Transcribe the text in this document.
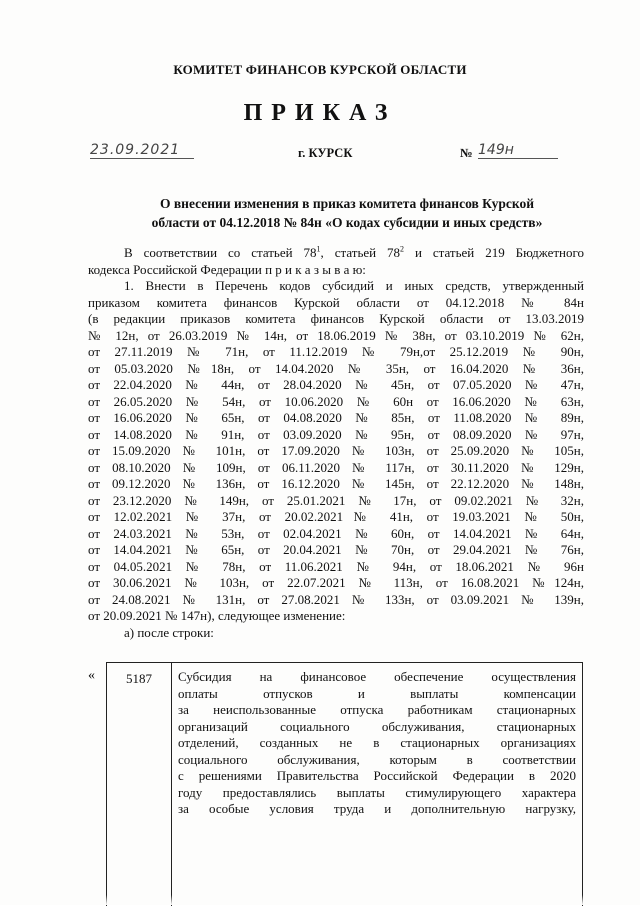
КОМИТЕТ ФИНАНСОВ КУРСКОЙ ОБЛАСТИ
ПРИКАЗ
23.09.2021	г. КУРСК	№ 149н
О внесении изменения в приказ комитета финансов Курской
области от 04.12.2018 № 84н «О кодах субсидии и иных средств»

В соответствии со статьей $78^1$, статьей $78^2$ и статьей 219 Бюджетного

кодекса Российской Федерации п р и к а з ы в а ю:

1. Внести в Перечень кодов субсидий и иных средств, утвержденный

приказом комитета финансов Курской области от 04.12.2018 № 84н

(в редакции приказов комитета финансов Курской области от 13.03.2019

№ 12н, от 26.03.2019 № 14н, от 18.06.2019 № 38н, от 03.10.2019 № 62н,

от 27.11.2019 № 71н, от 11.12.2019 № 79н,от 25.12.2019 № 90н,

от 05.03.2020 №18н, от 14.04.2020 № 35н, от 16.04.2020 № 36н,

от 22.04.2020 № 44н, от 28.04.2020 № 45н, от 07.05.2020 № 47н,

от 26.05.2020 № 54н, от 10.06.2020 № 60н от 16.06.2020 № 63н,

от 16.06.2020 № 65н, от 04.08.2020 № 85н, от 11.08.2020 № 89н,

от 14.08.2020 № 91н, от 03.09.2020 № 95н, от 08.09.2020 № 97н,

от 15.09.2020 № 101н, от 17.09.2020 № 103н, от 25.09.2020 № 105н,

от 08.10.2020 № 109н, от 06.11.2020 № 117н, от 30.11.2020 № 129н,

от 09.12.2020 № 136н, от 16.12.2020 № 145н, от 22.12.2020 № 148н,

от 23.12.2020 № 149н, от 25.01.2021 № 17н, от 09.02.2021 № 32н,

от 12.02.2021 № 37н, от 20.02.2021№ 41н, от 19.03.2021 № 50н,

от 24.03.2021 № 53н, от 02.04.2021 № 60н, от 14.04.2021 № 64н,

от 14.04.2021 № 65н, от 20.04.2021 № 70н, от 29.04.2021 № 76н,

от 04.05.2021 № 78н, от 11.06.2021 № 94н, от 18.06.2021 № 96н

от 30.06.2021 № 103н, от 22.07.2021 № 113н, от 16.08.2021 №124н,

от 24.08.2021 № 131н, от 27.08.2021 № 133н, от 03.09.2021 № 139н,

от 20.09.2021 № 147н), следующее изменение:

а) после строки:

«	5187	Субсидия на финансовое обеспечение осуществления

оплаты отпусков и выплаты компенсации

за неиспользованные отпуска работникам стационарных

организаций социального обслуживания, стационарных

отделений, созданных не в стационарных организациях

социального обслуживания, которым в соответствии

с решениями Правительства Российской Федерации в 2020

году предоставлялись выплаты стимулирующего характера

за особые условия труда и дополнительную нагрузку,
